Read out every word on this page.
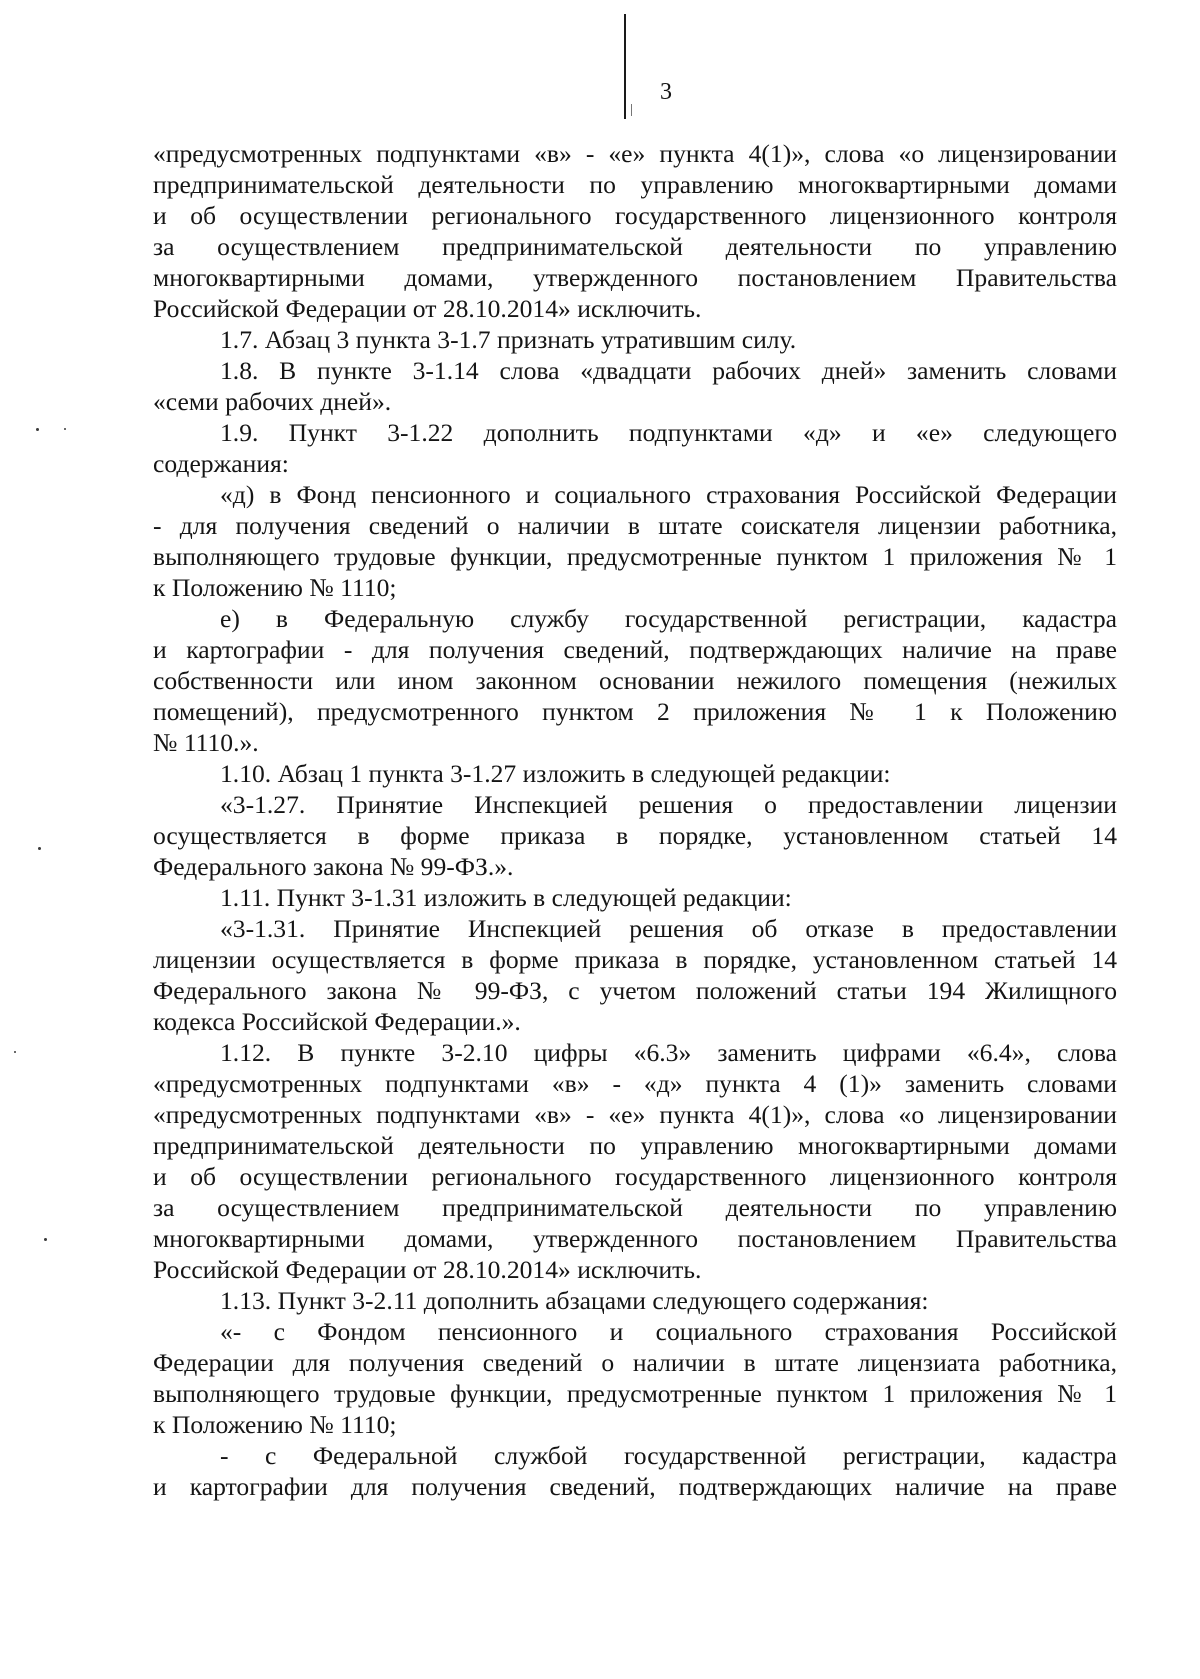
3
«предусмотренных подпунктами «в» - «е» пункта 4(1)», слова «о лицензировании
предпринимательской деятельности по управлению многоквартирными домами
и об осуществлении регионального государственного лицензионного контроля
за осуществлением предпринимательской деятельности по управлению
многоквартирными домами, утвержденного постановлением Правительства
Российской Федерации от 28.10.2014» исключить.
1.7. Абзац 3 пункта 3-1.7 признать утратившим силу.
1.8. В пункте 3-1.14 слова «двадцати рабочих дней» заменить словами
«семи рабочих дней».
1.9. Пункт 3-1.22 дополнить подпунктами «д» и «е» следующего
содержания:
«д) в Фонд пенсионного и социального страхования Российской Федерации
- для получения сведений о наличии в штате соискателя лицензии работника,
выполняющего трудовые функции, предусмотренные пунктом 1 приложения № 1
к Положению № 1110;
е) в Федеральную службу государственной регистрации, кадастра
и картографии - для получения сведений, подтверждающих наличие на праве
собственности или ином законном основании нежилого помещения (нежилых
помещений), предусмотренного пунктом 2 приложения № 1 к Положению
№ 1110.».
1.10. Абзац 1 пункта 3-1.27 изложить в следующей редакции:
«3-1.27. Принятие Инспекцией решения о предоставлении лицензии
осуществляется в форме приказа в порядке, установленном статьей 14
Федерального закона № 99-ФЗ.».
1.11. Пункт 3-1.31 изложить в следующей редакции:
«3-1.31. Принятие Инспекцией решения об отказе в предоставлении
лицензии осуществляется в форме приказа в порядке, установленном статьей 14
Федерального закона № 99-ФЗ, с учетом положений статьи 194 Жилищного
кодекса Российской Федерации.».
1.12. В пункте 3-2.10 цифры «6.3» заменить цифрами «6.4», слова
«предусмотренных подпунктами «в» - «д» пункта 4 (1)» заменить словами
«предусмотренных подпунктами «в» - «е» пункта 4(1)», слова «о лицензировании
предпринимательской деятельности по управлению многоквартирными домами
и об осуществлении регионального государственного лицензионного контроля
за осуществлением предпринимательской деятельности по управлению
многоквартирными домами, утвержденного постановлением Правительства
Российской Федерации от 28.10.2014» исключить.
1.13. Пункт 3-2.11 дополнить абзацами следующего содержания:
«- с Фондом пенсионного и социального страхования Российской
Федерации для получения сведений о наличии в штате лицензиата работника,
выполняющего трудовые функции, предусмотренные пунктом 1 приложения № 1
к Положению № 1110;
- с Федеральной службой государственной регистрации, кадастра
и картографии для получения сведений, подтверждающих наличие на праве
